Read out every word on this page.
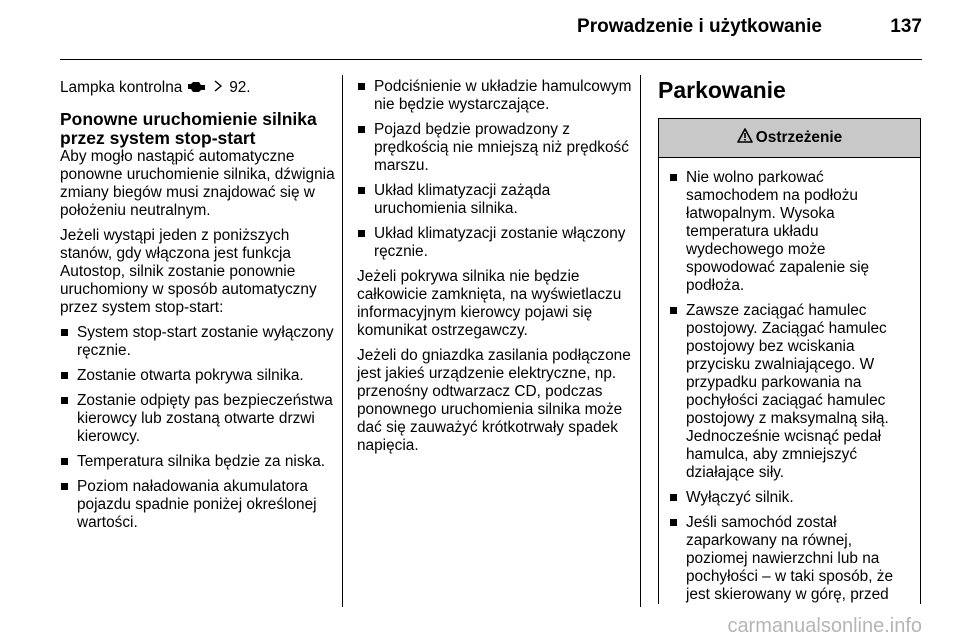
Prowadzenie i użytkowanie	137

Lampka kontrolna	92.

Ponowne uruchomienie silnika przez system stop-start

Aby mogło nastąpić automatyczne ponowne uruchomienie silnika, dźwignia zmiany biegów musi znajdować się w położeniu neutralnym.

Jeżeli wystąpi jeden z poniższych stanów, gdy włączona jest funkcja Autostop, silnik zostanie ponownie uruchomiony w sposób automatyczny przez system stop-start:

System stop-start zostanie wyłączony ręcznie.
Zostanie otwarta pokrywa silnika.
Zostanie odpięty pas bezpieczeństwa kierowcy lub zostaną otwarte drzwi kierowcy.
Temperatura silnika będzie za niska.
Poziom naładowania akumulatora pojazdu spadnie poniżej określonej wartości.
Podciśnienie w układzie hamulcowym nie będzie wystarczające.
Pojazd będzie prowadzony z prędkością nie mniejszą niż prędkość marszu.
Układ klimatyzacji zażąda uruchomienia silnika.
Układ klimatyzacji zostanie włączony ręcznie.

Jeżeli pokrywa silnika nie będzie całkowicie zamknięta, na wyświetlaczu informacyjnym kierowcy pojawi się komunikat ostrzegawczy.

Jeżeli do gniazdka zasilania podłączone jest jakieś urządzenie elektryczne, np. przenośny odtwarzacz CD, podczas ponownego uruchomienia silnika może dać się zauważyć krótkotrwały spadek napięcia.

Parkowanie
Ostrzeżenie
Nie wolno parkować samochodem na podłożu łatwopalnym. Wysoka temperatura układu wydechowego może spowodować zapalenie się podłoża.
Zawsze zaciągać hamulec postojowy. Zaciągać hamulec postojowy bez wciskania przycisku zwalniającego. W przypadku parkowania na pochyłości zaciągać hamulec postojowy z maksymalną siłą. Jednocześnie wcisnąć pedał hamulca, aby zmniejszyć działające siły.
Wyłączyć silnik.
Jeśli samochód został zaparkowany na równej, poziomej nawierzchni lub na pochyłości – w taki sposób, że jest skierowany w górę, przed
carmanualsonline.info
